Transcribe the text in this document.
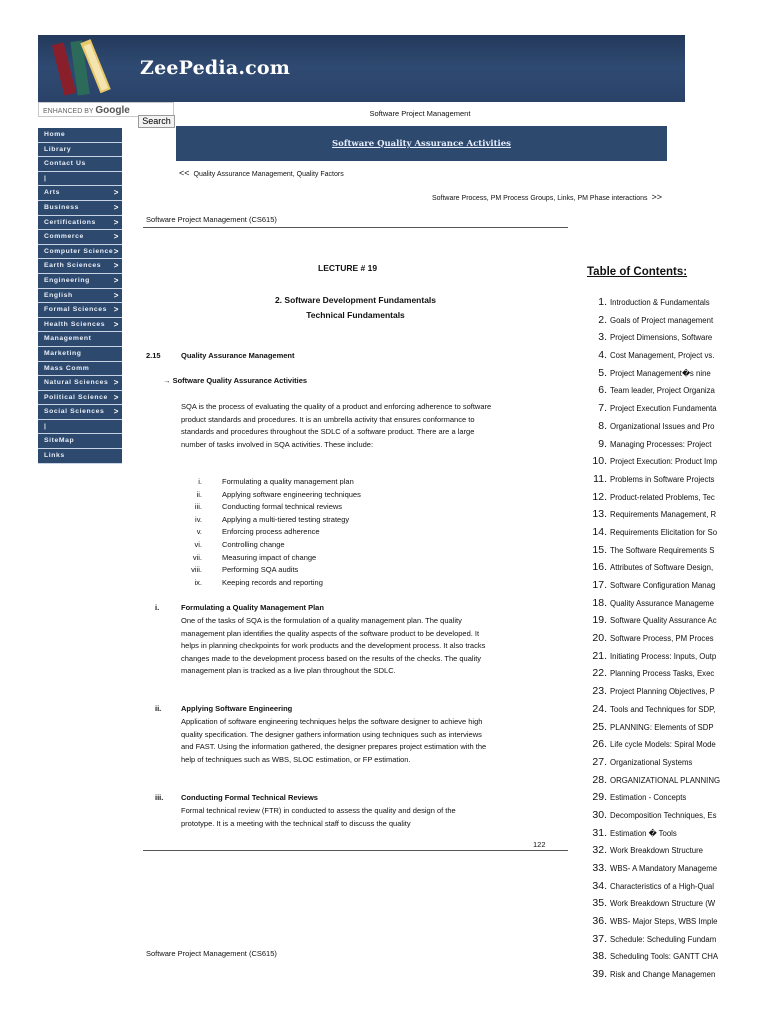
ZeePedia.com
ENHANCED BY Google
Search
Software Project Management
Software Quality Assurance Activities
<< Quality Assurance Management, Quality Factors
Software Process, PM Process Groups, Links, PM Phase interactions >>
Home
Library
Contact Us
|
Arts	>
Business	>
Certifications >
Commerce	>
Computer Science >
Earth Sciences >
Engineering	>
English	>
Formal Sciences >
Health Sciences >
Management
Marketing
Mass Comm
Natural Sciences >
Political Science >
Social Sciences >
|
SiteMap
Links
Software Project Management (CS615)
LECTURE # 19
2. Software Development Fundamentals
Technical Fundamentals
2.15	Quality Assurance Management
→ Software Quality Assurance Activities
SQA is the process of evaluating the quality of a product and enforcing adherence to software product standards and procedures. It is an umbrella activity that ensures conformance to standards and procedures throughout the SDLC of a software product. There are a large number of tasks involved in SQA activities. These include:
i.	Formulating a quality management plan
ii.	Applying software engineering techniques
iii.	Conducting formal technical reviews
iv.	Applying a multi-tiered testing strategy
v.	Enforcing process adherence
vi.	Controlling change
vii.	Measuring impact of change
viii.	Performing SQA audits
ix.	Keeping records and reporting
i.	Formulating a Quality Management Plan
One of the tasks of SQA is the formulation of a quality management plan. The quality management plan identifies the quality aspects of the software product to be developed. It helps in planning checkpoints for work products and the development process. It also tracks changes made to the development process based on the results of the checks. The quality management plan is tracked as a live plan throughout the SDLC.
ii.	Applying Software Engineering
Application of software engineering techniques helps the software designer to achieve high quality specification. The designer gathers information using techniques such as interviews and FAST. Using the information gathered, the designer prepares project estimation with the help of techniques such as WBS, SLOC estimation, or FP estimation.
iii. Conducting Formal Technical Reviews
Formal technical review (FTR) in conducted to assess the quality and design of the prototype. It is a meeting with the technical staff to discuss the quality
122
Software Project Management (CS615)
Table of Contents:
1. Introduction & Fundamentals
2. Goals of Project management
3. Project Dimensions, Software
4. Cost Management, Project vs.
5. Project Management�s nine
6. Team leader, Project Organiza
7. Project Execution Fundamenta
8. Organizational Issues and Pro
9. Managing Processes: Project
10. Project Execution: Product Imp
11. Problems in Software Projects
12. Product-related Problems, Tec
13. Requirements Management, R
14. Requirements Elicitation for So
15. The Software Requirements S
16. Attributes of Software Design,
17. Software Configuration Manag
18. Quality Assurance Manageme
19. Software Quality Assurance Ac
20. Software Process, PM Proces
21. Initiating Process: Inputs, Outp
22. Planning Process Tasks, Exec
23. Project Planning Objectives, P
24. Tools and Techniques for SDP,
25. PLANNING: Elements of SDP
26. Life cycle Models: Spiral Mode
27. Organizational Systems
28. ORGANIZATIONAL PLANNING
29. Estimation - Concepts
30. Decomposition Techniques, Es
31. Estimation � Tools
32. Work Breakdown Structure
33. WBS- A Mandatory Manageme
34. Characteristics of a High-Qual
35. Work Breakdown Structure (W
36. WBS- Major Steps, WBS Imple
37. Schedule: Scheduling Fundam
38. Scheduling Tools: GANTT CHA
39. Risk and Change Managemen
